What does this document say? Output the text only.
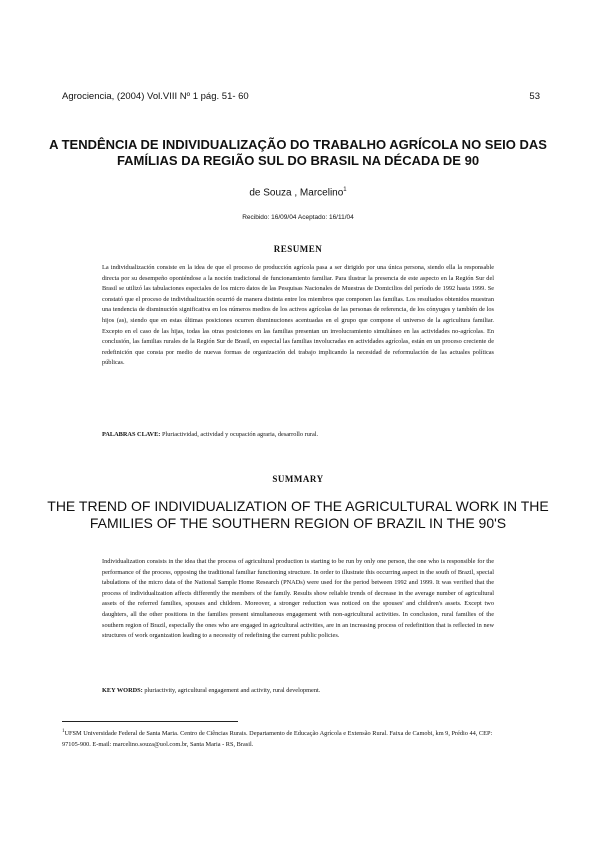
Agrociencia, (2004) Vol.VIII Nº 1 pág. 51- 60	53
A TENDÊNCIA DE INDIVIDUALIZAÇÃO DO TRABALHO AGRÍCOLA NO SEIO DAS FAMÍLIAS DA REGIÃO SUL DO BRASIL NA DÉCADA DE 90
de Souza , Marcelino$^1$
Recibido: 16/09/04 Aceptado: 16/11/04
RESUMEN
La individualización consiste en la idea de que el proceso de producción agrícola pasa a ser dirigido por una única persona, siendo ella la responsable directa por su desempeño oponiéndose a la noción tradicional de funcionamiento familiar. Para ilustrar la presencia de este aspecto en la Región Sur del Brasil se utilizó las tabulaciones especiales de los micro datos de las Pesquisas Nacionales de Muestras de Domicilios del período de 1992 hasta 1999. Se constató que el proceso de individualización ocurrió de manera distinta entre los miembros que componen las familias. Los resultados obtenidos muestran una tendencia de disminución significativa en los números medios de los activos agrícolas de las personas de referencia, de los cónyuges y también de los hijos (as), siendo que en estas últimas posiciones ocurren disminuciones acentuadas en el grupo que compone el universo de la agricultura familiar. Excepto en el caso de las hijas, todas las otras posiciones en las familias presentan un involucramiento simultáneo en las actividades no-agrícolas. En conclusión, las familias rurales de la Región Sur de Brasil, en especial las familias involucradas en actividades agrícolas, están en un proceso creciente de redefinición que consta por medio de nuevas formas de organización del trabajo implicando la necesidad de reformulación de las actuales políticas públicas.
PALABRAS CLAVE: Pluriactividad, actividad y ocupación agraria, desarrollo rural.
SUMMARY
THE TREND OF INDIVIDUALIZATION OF THE AGRICULTURAL WORK IN THE FAMILIES OF THE SOUTHERN REGION OF BRAZIL IN THE 90'S
Individualization consists in the idea that the process of agricultural production is starting to be run by only one person, the one who is responsible for the performance of the process, opposing the traditional familiar functioning structure. In order to illustrate this occurring aspect in the south of Brazil, special tabulations of the micro data of the National Sample Home Research (PNADs) were used for the period between 1992 and 1999. It was verified that the process of individualization affects differently the members of the family. Results show reliable trends of decrease in the average number of agricultural assets of the referred families, spouses and children. Moreover, a stronger reduction was noticed on the spouses' and children's assets. Except two daughters, all the other positions in the families present simultaneous engagement with non-agricultural activities. In conclusion, rural families of the southern region of Brazil, especially the ones who are engaged in agricultural activities, are in an increasing process of redefinition that is reflected in new structures of work organization leading to a necessity of redefining the current public policies.
KEY WORDS: pluriactivity, agricultural engagement and activity, rural development.
$^1$UFSM Universidade Federal de Santa Maria. Centro de Ciências Rurais. Departamento de Educação Agrícola e Extensão Rural. Faixa de Camobi, km 9, Prédio 44, CEP: 97105-900. E-mail: marcelino.souza@uol.com.br, Santa Maria - RS, Brasil.
